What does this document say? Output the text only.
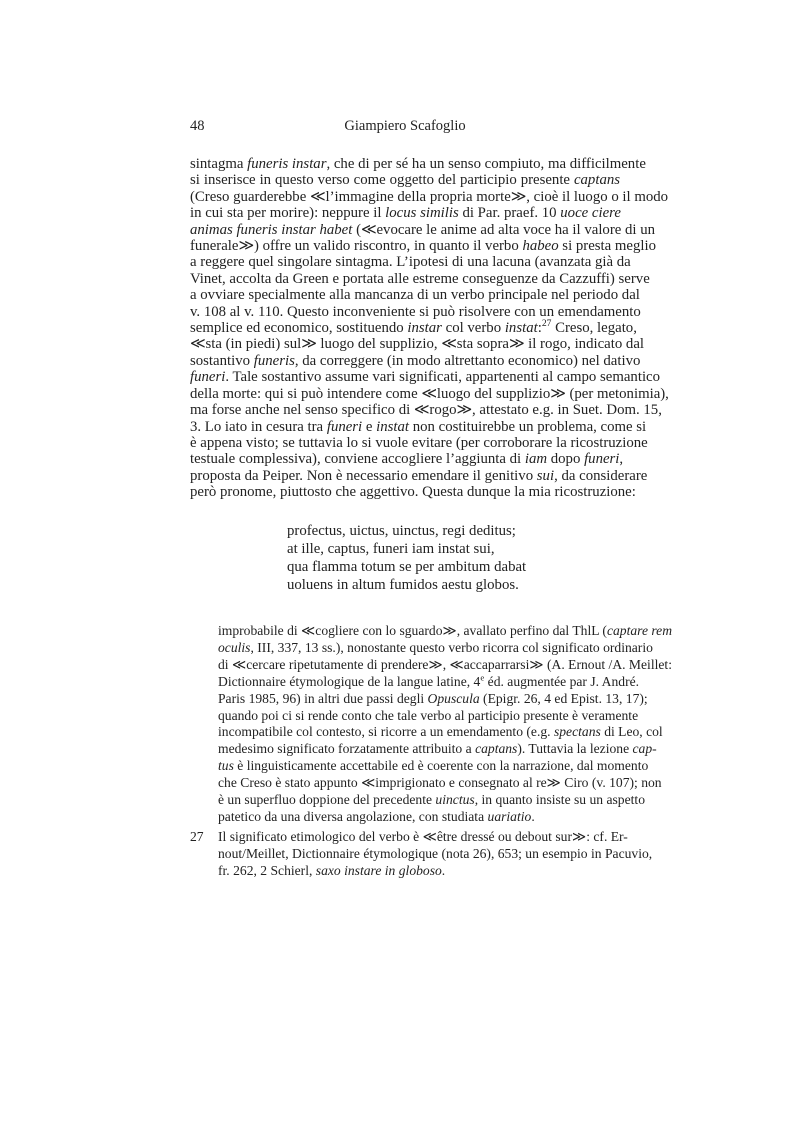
48	Giampiero Scafoglio
sintagma funeris instar, che di per sé ha un senso compiuto, ma difficilmente
si inserisce in questo verso come oggetto del participio presente captans
(Creso guarderebbe ≪l’immagine della propria morte≫, cioè il luogo o il modo
in cui sta per morire): neppure il locus similis di Par. praef. 10 uoce ciere
animas funeris instar habet (≪evocare le anime ad alta voce ha il valore di un
funerale≫) offre un valido riscontro, in quanto il verbo habeo si presta meglio
a reggere quel singolare sintagma. L’ipotesi di una lacuna (avanzata già da
Vinet, accolta da Green e portata alle estreme conseguenze da Cazzuffi) serve
a ovviare specialmente alla mancanza di un verbo principale nel periodo dal
v. 108 al v. 110. Questo inconveniente si può risolvere con un emendamento
semplice ed economico, sostituendo instar col verbo instat:$^{27}$ Creso, legato,
≪sta (in piedi) sul≫ luogo del supplizio, ≪sta sopra≫ il rogo, indicato dal
sostantivo funeris, da correggere (in modo altrettanto economico) nel dativo
funeri. Tale sostantivo assume vari significati, appartenenti al campo semantico
della morte: qui si può intendere come ≪luogo del supplizio≫ (per metonimia),
ma forse anche nel senso specifico di ≪rogo≫, attestato e.g. in Suet. Dom. 15,
3. Lo iato in cesura tra funeri e instat non costituirebbe un problema, come si
è appena visto; se tuttavia lo si vuole evitare (per corroborare la ricostruzione
testuale complessiva), conviene accogliere l’aggiunta di iam dopo funeri,
proposta da Peiper. Non è necessario emendare il genitivo sui, da considerare
però pronome, piuttosto che aggettivo. Questa dunque la mia ricostruzione:
profectus, uictus, uinctus, regi deditus;
at ille, captus, funeri iam instat sui,
qua flamma totum se per ambitum dabat
uoluens in altum fumidos aestu globos.
improbabile di ≪cogliere con lo sguardo≫, avallato perfino dal ThlL (captare rem
oculis, III, 337, 13 ss.), nonostante questo verbo ricorra col significato ordinario
di ≪cercare ripetutamente di prendere≫, ≪accaparrarsi≫ (A. Ernout /A. Meillet:
Dictionnaire étymologique de la langue latine, 4e éd. augmentée par J. André.
Paris 1985, 96) in altri due passi degli Opuscula (Epigr. 26, 4 ed Epist. 13, 17);
quando poi ci si rende conto che tale verbo al participio presente è veramente
incompatibile col contesto, si ricorre a un emendamento (e.g. spectans di Leo, col
medesimo significato forzatamente attribuito a captans). Tuttavia la lezione cap-
tus è linguisticamente accettabile ed è coerente con la narrazione, dal momento
che Creso è stato appunto ≪imprigionato e consegnato al re≫ Ciro (v. 107); non
è un superfluo doppione del precedente uinctus, in quanto insiste su un aspetto
patetico da una diversa angolazione, con studiata uariatio.
27 Il significato etimologico del verbo è ≪être dressé ou debout sur≫: cf. Er-
nout/Meillet, Dictionnaire étymologique (nota 26), 653; un esempio in Pacuvio,
fr. 262, 2 Schierl, saxo instare in globoso.
